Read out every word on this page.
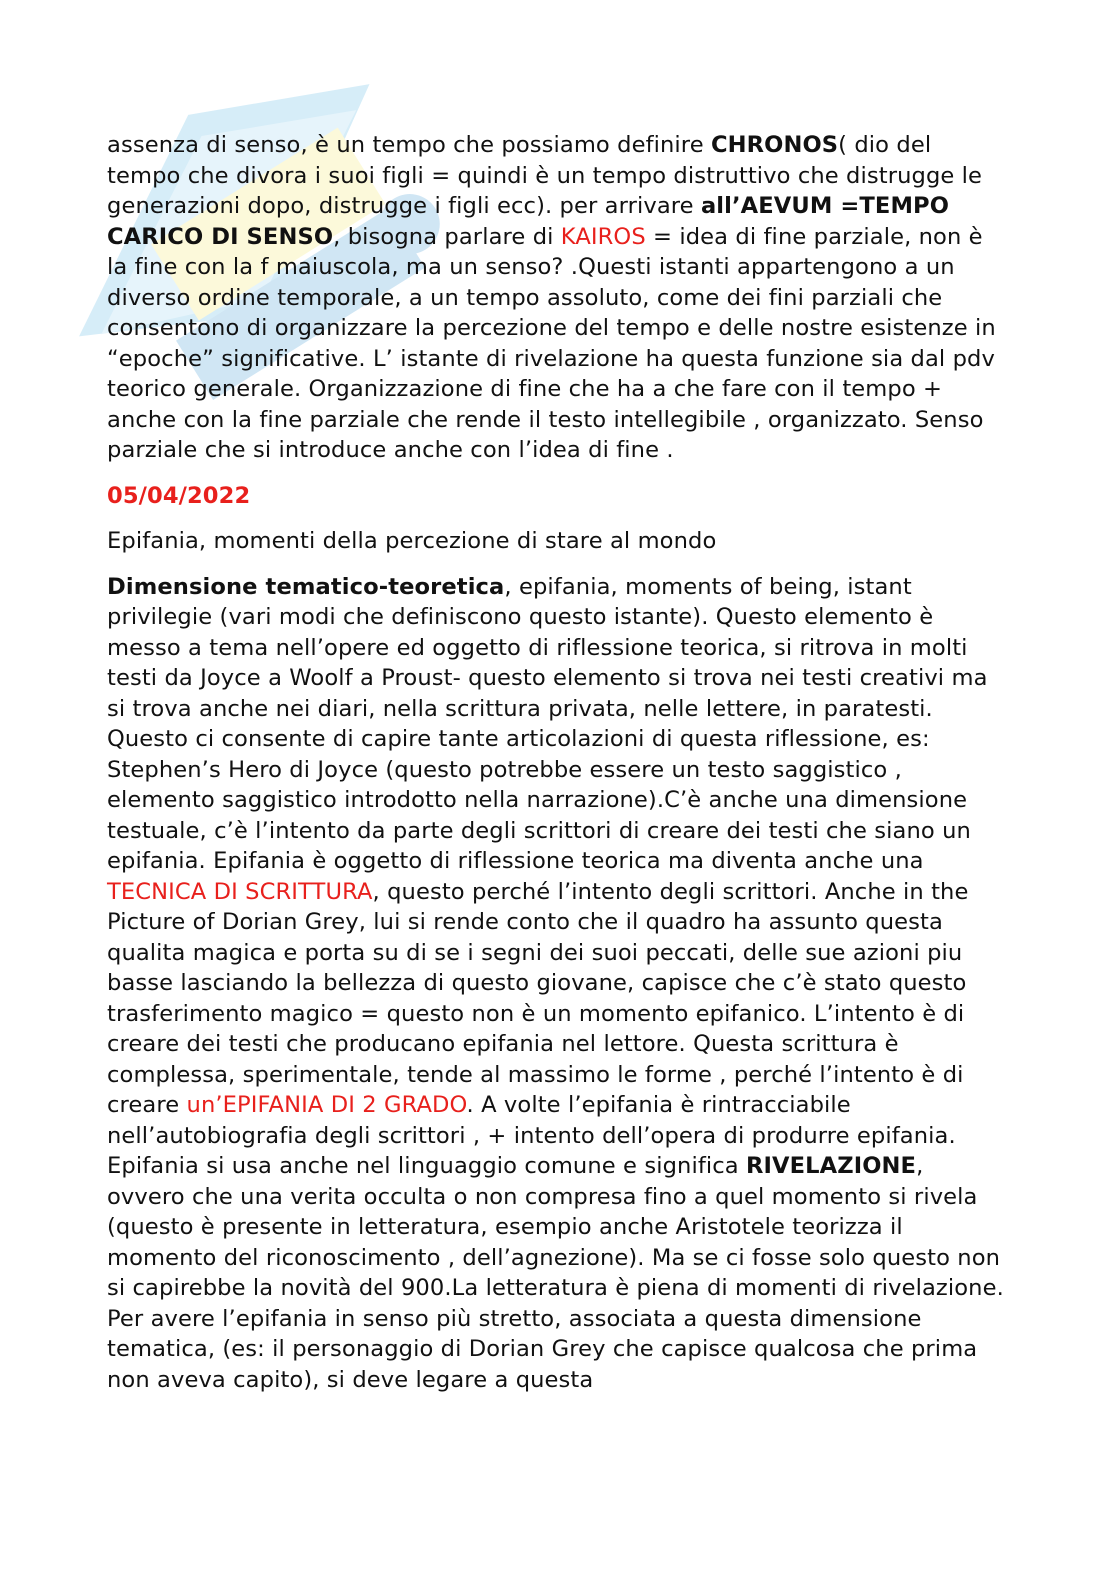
assenza di senso, è un tempo che possiamo definire CHRONOS( dio del tempo che divora i suoi figli = quindi è un tempo distruttivo che distrugge le generazioni dopo, distrugge i figli ecc). per arrivare all’AEVUM =TEMPO CARICO DI SENSO, bisogna parlare di KAIROS = idea di fine parziale, non è la fine con la f maiuscola, ma un senso? .Questi istanti appartengono a un diverso ordine temporale, a un tempo assoluto, come dei fini parziali che consentono di organizzare la percezione del tempo e delle nostre esistenze in “epoche” significative. L’ istante di rivelazione ha questa funzione sia dal pdv teorico generale. Organizzazione di fine che ha a che fare con il tempo + anche con la fine parziale che rende il testo intellegibile , organizzato. Senso parziale che si introduce anche con l’idea di fine .

05/04/2022

Epifania, momenti della percezione di stare al mondo

Dimensione tematico-teoretica, epifania, moments of being, istant privilegie (vari modi che definiscono questo istante). Questo elemento è messo a tema nell’opere ed oggetto di riflessione teorica, si ritrova in molti testi da Joyce a Woolf a Proust- questo elemento si trova nei testi creativi ma si trova anche nei diari, nella scrittura privata, nelle lettere, in paratesti. Questo ci consente di capire tante articolazioni di questa riflessione, es: Stephen’s Hero di Joyce (questo potrebbe essere un testo saggistico , elemento saggistico introdotto nella narrazione).C’è anche una dimensione testuale, c’è l’intento da parte degli scrittori di creare dei testi che siano un epifania. Epifania è oggetto di riflessione teorica ma diventa anche una TECNICA DI SCRITTURA, questo perché l’intento degli scrittori. Anche in the Picture of Dorian Grey, lui si rende conto che il quadro ha assunto questa qualita magica e porta su di se i segni dei suoi peccati, delle sue azioni piu basse lasciando la bellezza di questo giovane, capisce che c’è stato questo trasferimento magico = questo non è un momento epifanico. L’intento è di creare dei testi che producano epifania nel lettore. Questa scrittura è complessa, sperimentale, tende al massimo le forme , perché l’intento è di creare un’EPIFANIA DI 2 GRADO. A volte l’epifania è rintracciabile nell’autobiografia degli scrittori , + intento dell’opera di produrre epifania. Epifania si usa anche nel linguaggio comune e significa RIVELAZIONE, ovvero che una verita occulta o non compresa fino a quel momento si rivela (questo è presente in letteratura, esempio anche Aristotele teorizza il momento del riconoscimento , dell’agnezione). Ma se ci fosse solo questo non si capirebbe la novità del 900.La letteratura è piena di momenti di rivelazione. Per avere l’epifania in senso più stretto, associata a questa dimensione tematica, (es: il personaggio di Dorian Grey che capisce qualcosa che prima non aveva capito), si deve legare a questa
